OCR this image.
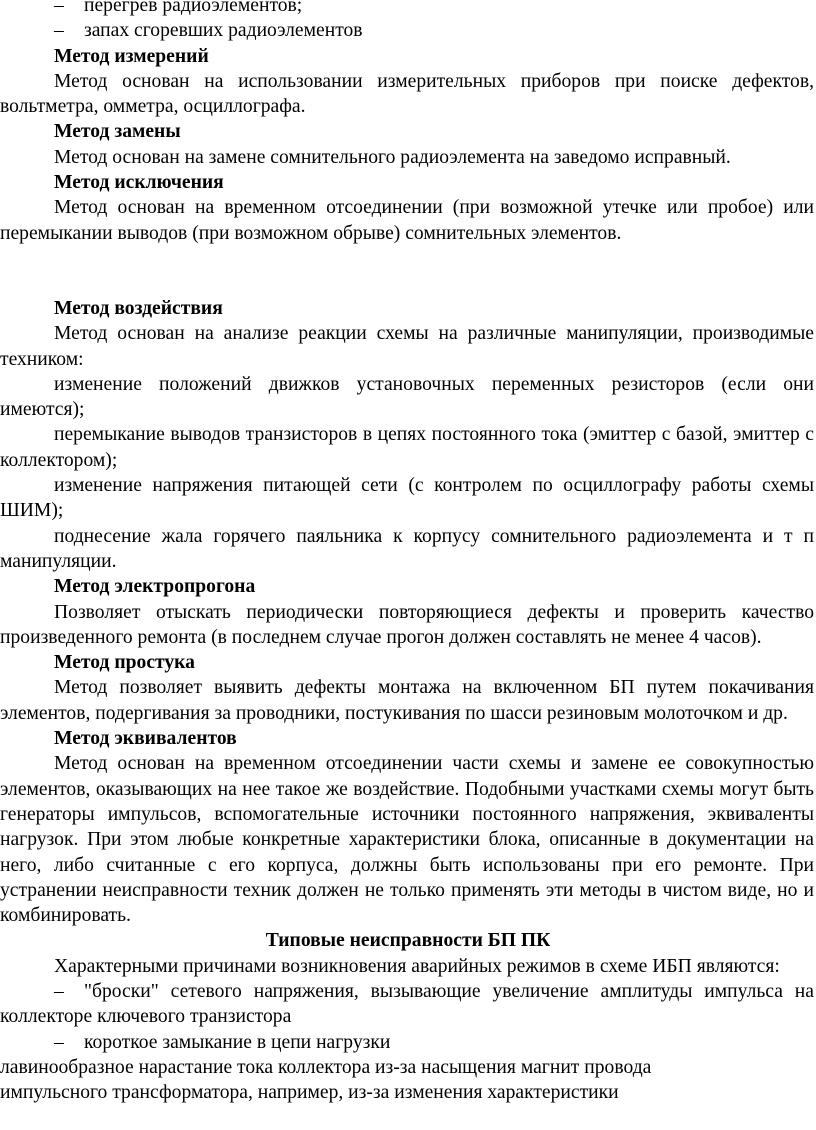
–	перегрев радиоэлементов;
–	запах сгоревших радиоэлементов

Метод измерений

Метод основан на использовании измерительных приборов при поиске дефектов, вольтметра, омметра, осциллографа.

Метод замены

Метод основан на замене сомнительного радиоэлемента на заведомо исправный.

Метод исключения

Метод основан на временном отсоединении (при возможной утечке или пробое) или перемыкании выводов (при возможном обрыве) сомнительных элементов.

Метод воздействия

Метод основан на анализе реакции схемы на различные манипуляции, производимые техником:

изменение положений движков установочных переменных резисторов (если они имеются);

перемыкание выводов транзисторов в цепях постоянного тока (эмиттер с базой, эмиттер с коллектором);

изменение напряжения питающей сети (с контролем по осциллографу работы схемы ШИМ);

поднесение жала горячего паяльника к корпусу сомнительного радиоэлемента и т п манипуляции.

Метод электропрогона

Позволяет отыскать периодически повторяющиеся дефекты и проверить качество произведенного ремонта (в последнем случае прогон должен составлять не менее 4 часов).

Метод простука

Метод позволяет выявить дефекты монтажа на включенном БП путем покачивания элементов, подергивания за проводники, постукивания по шасси резиновым молоточком и др.

Метод эквивалентов

Метод основан на временном отсоединении части схемы и замене ее совокупностью элементов, оказывающих на нее такое же воздействие. Подобными участками схемы могут быть генераторы импульсов, вспомогательные источники постоянного напряжения, эквиваленты нагрузок. При этом любые конкретные характеристики блока, описанные в документации на него, либо считанные с его корпуса, должны быть использованы при его ремонте. При устранении неисправности техник должен не только применять эти методы в чистом виде, но и комбинировать.

Типовые неисправности БП ПК

Характерными причинами возникновения аварийных режимов в схеме ИБП являются:

– "броски" сетевого напряжения, вызывающие увеличение амплитуды импульса на коллекторе ключевого транзистора

– короткое замыкание в цепи нагрузки

лавинообразное нарастание тока коллектора из-за насыщения магнит провода

импульсного трансформатора, например, из-за изменения характеристики
